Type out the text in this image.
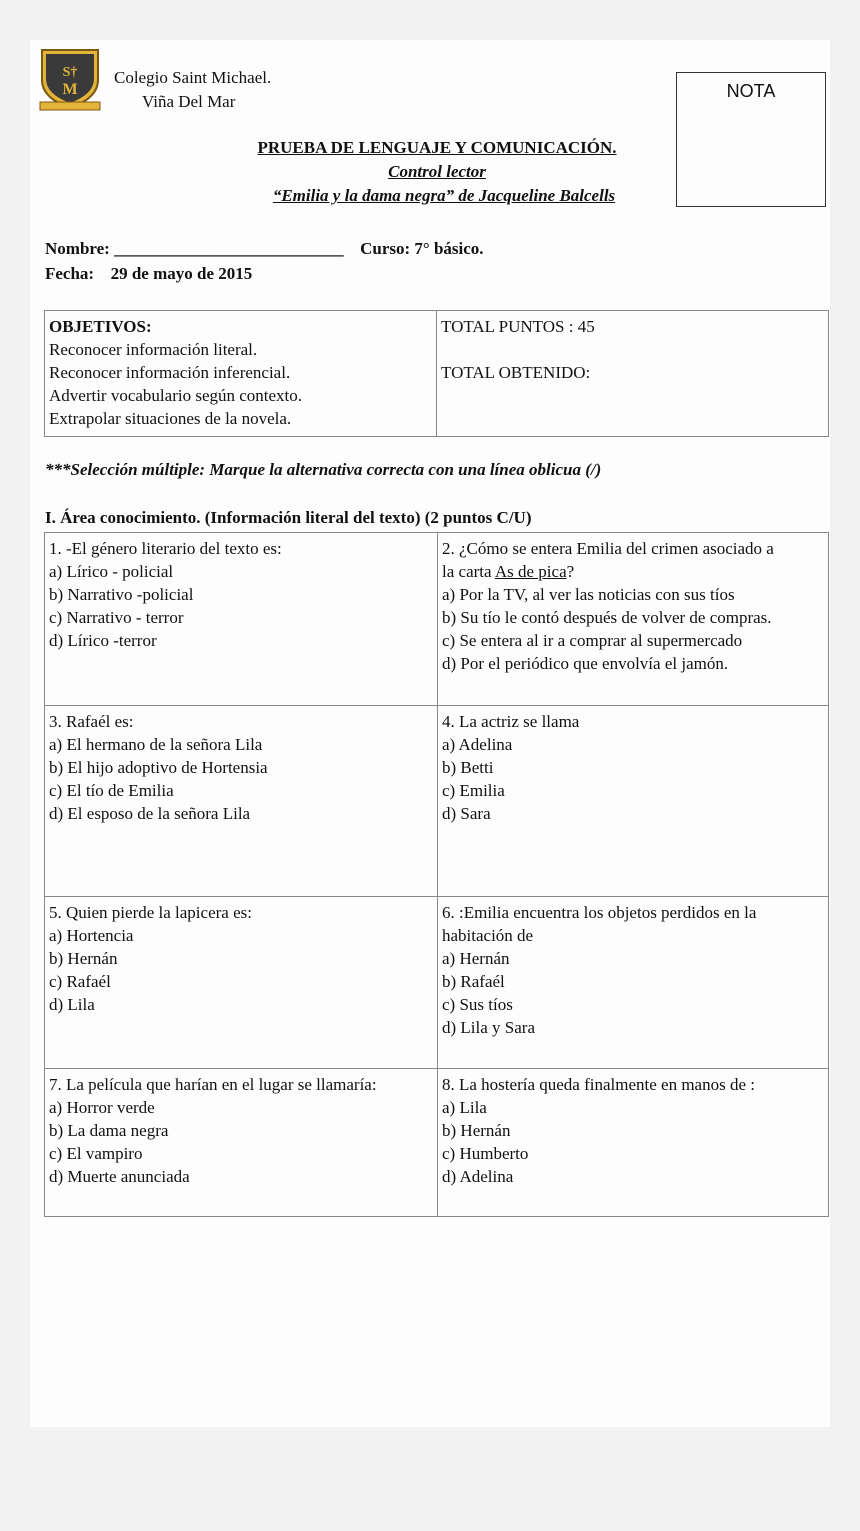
S†
M
Colegio Saint Michael.
Viña Del Mar
NOTA
PRUEBA DE LENGUAJE Y COMUNICACIÓN.
Control lector
“Emilia y la dama negra” de Jacqueline Balcells
Nombre: ___________________________ Curso: 7° básico.
Fecha: 29 de mayo de 2015
OBJETIVOS:
Reconocer información literal.
Reconocer información inferencial.
Advertir vocabulario según contexto.
Extrapolar situaciones de la novela.
TOTAL PUNTOS : 45
TOTAL OBTENIDO:
***Selección múltiple: Marque la alternativa correcta con una línea oblicua (/)
I. Área conocimiento. (Información literal del texto) (2 puntos C/U)
1. -El género literario del texto es:
a) Lírico - policial
b) Narrativo -policial
c) Narrativo - terror
d) Lírico -terror
2. ¿Cómo se entera Emilia del crimen asociado a
la carta As de pica?
a) Por la TV, al ver las noticias con sus tíos
b) Su tío le contó después de volver de compras.
c) Se entera al ir a comprar al supermercado
d) Por el periódico que envolvía el jamón.
3. Rafaél es:
a) El hermano de la señora Lila
b) El hijo adoptivo de Hortensia
c) El tío de Emilia
d) El esposo de la señora Lila
4. La actriz se llama
a) Adelina
b) Betti
c) Emilia
d) Sara
5. Quien pierde la lapicera es:
a) Hortencia
b) Hernán
c) Rafaél
d) Lila
6. :Emilia encuentra los objetos perdidos en la
habitación de
a) Hernán
b) Rafaél
c) Sus tíos
d) Lila y Sara
7. La película que harían en el lugar se llamaría:
a) Horror verde
b) La dama negra
c) El vampiro
d) Muerte anunciada
8. La hostería queda finalmente en manos de :
a) Lila
b) Hernán
c) Humberto
d) Adelina
